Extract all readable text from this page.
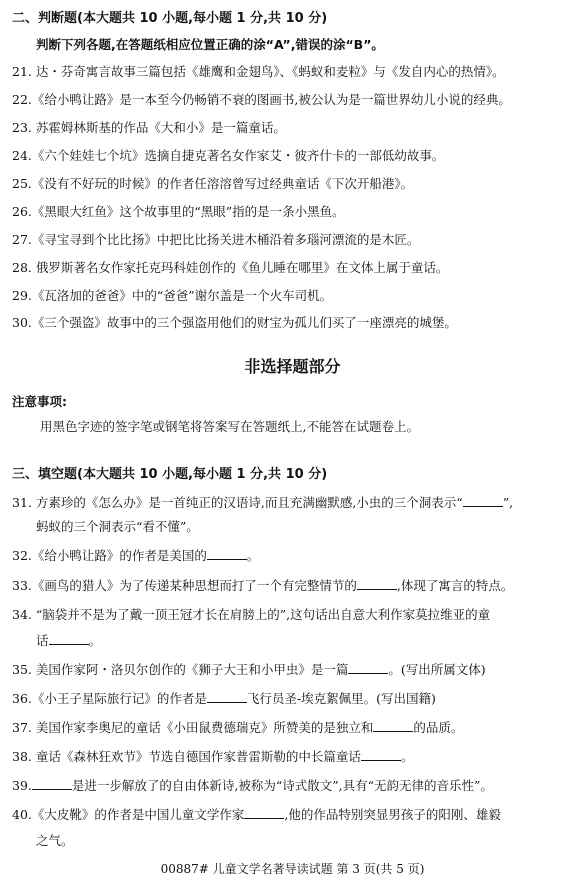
二、判断题(本大题共 10 小题,每小题 1 分,共 10 分)
判断下列各题,在答题纸相应位置正确的涂“A”,错误的涂“B”。
21. 达・芬奇寓言故事三篇包括《雄鹰和金翅鸟》、《蚂蚁和麦粒》与《发自内心的热情》。
22.《给小鸭让路》是一本至今仍畅销不衰的图画书,被公认为是一篇世界幼儿小说的经典。
23. 苏霍姆林斯基的作品《大和小》是一篇童话。
24.《六个娃娃七个坑》选摘自捷克著名女作家艾・彼齐什卡的一部低幼故事。
25.《没有不好玩的时候》的作者任溶溶曾写过经典童话《下次开船港》。
26.《黑眼大红鱼》这个故事里的“黑眼”指的是一条小黑鱼。
27.《寻宝寻到个比比扬》中把比比扬关进木桶沿着多瑙河漂流的是木匠。
28. 俄罗斯著名女作家托克玛科娃创作的《鱼儿睡在哪里》在文体上属于童话。
29.《瓦洛加的爸爸》中的“爸爸”谢尔盖是一个火车司机。
30.《三个强盗》故事中的三个强盗用他们的财宝为孤儿们买了一座漂亮的城堡。
非选择题部分
注意事项:
用黑色字迹的签字笔或钢笔将答案写在答题纸上,不能答在试题卷上。
三、填空题(本大题共 10 小题,每小题 1 分,共 10 分)
31. 方素珍的《怎么办》是一首纯正的汉语诗,而且充满幽默感,小虫的三个洞表示“	”,
蚂蚁的三个洞表示“看不懂”。
32.《给小鸭让路》的作者是美国的	。
33.《画鸟的猎人》为了传递某种思想而打了一个有完整情节的	,体现了寓言的特点。
34. “脑袋并不是为了戴一顶王冠才长在肩膀上的”,这句话出自意大利作家莫拉维亚的童
话	。
35. 美国作家阿・洛贝尔创作的《狮子大王和小甲虫》是一篇	。(写出所属文体)
36.《小王子星际旅行记》的作者是	飞行员圣-埃克絮佩里。(写出国籍)
37. 美国作家李奥尼的童话《小田鼠费德瑞克》所赞美的是独立和	的品质。
38. 童话《森林狂欢节》节选自德国作家普雷斯勒的中长篇童话	。
39.	是进一步解放了的自由体新诗,被称为“诗式散文”,具有“无韵无律的音乐性”。
40.《大皮靴》的作者是中国儿童文学作家	,他的作品特别突显男孩子的阳刚、雄毅
之气。
00887# 儿童文学名著导读试题 第 3 页(共 5 页)
